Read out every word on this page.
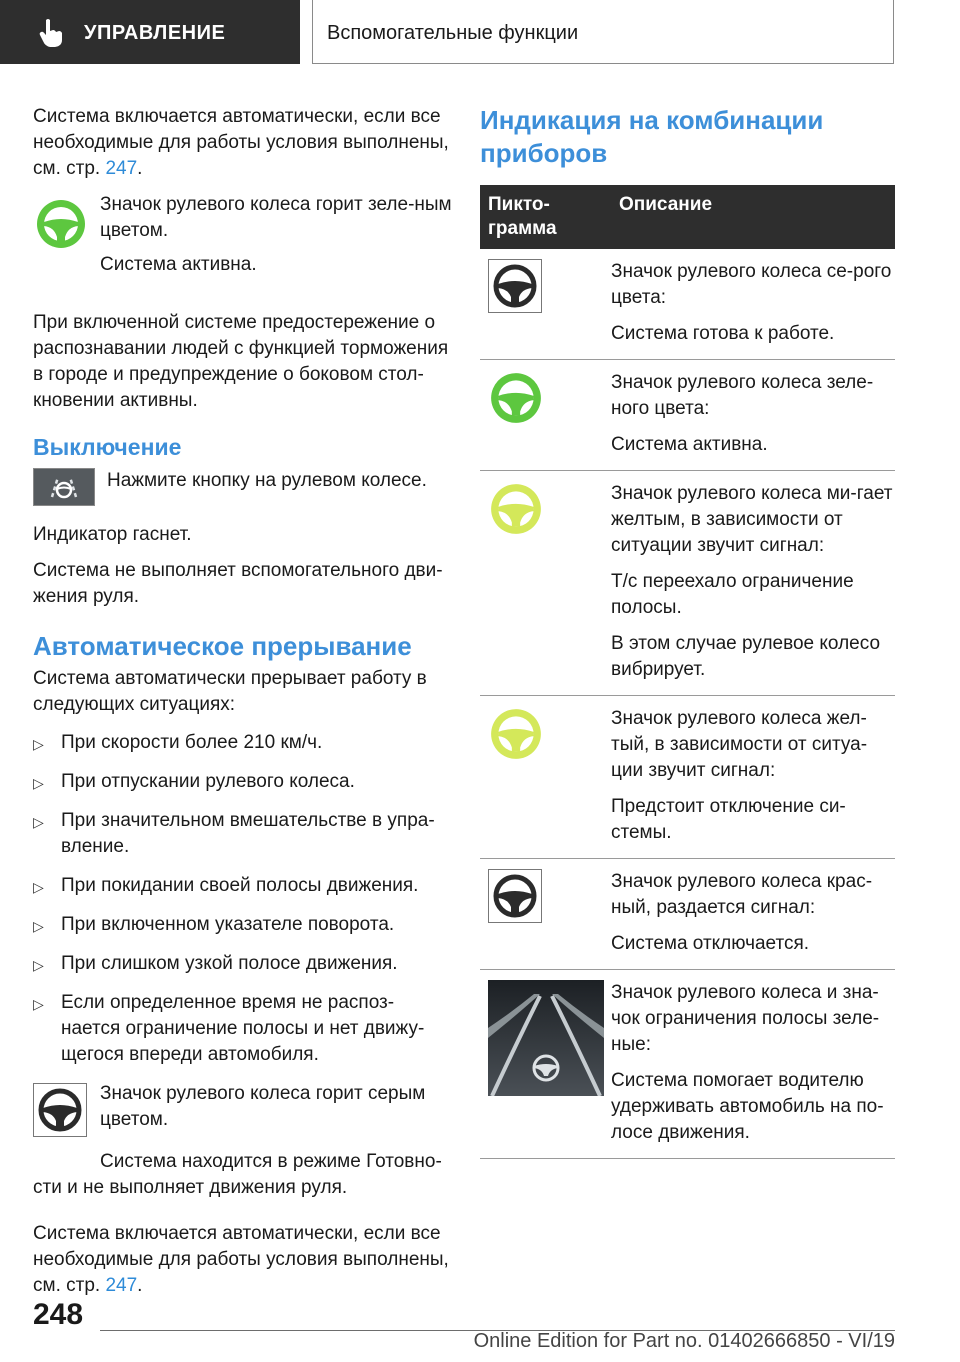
УПРАВЛЕНИЕ	Вспомогательные функции

Система включается автоматически, если все необходимые для работы условия выполнены, см. стр. 247.

Значок рулевого колеса горит зеле‐ным цветом.

Система активна.

При включенной системе предостережение о распознавании людей с функцией торможения в городе и предупреждение о боковом стол‐кновении активны.

Выключение

Нажмите кнопку на рулевом колесе.

Индикатор гаснет.

Система не выполняет вспомогательного дви‐жения руля.

Автоматическое прерывание

Система автоматически прерывает работу в следующих ситуациях:

▷ При скорости более 210 км/ч.
▷ При отпускании рулевого колеса.
▷ При значительном вмешательстве в упра‐вление.
▷ При покидании своей полосы движения.
▷ При включенном указателе поворота.
▷ При слишком узкой полосе движения.
▷ Если определенное время не распоз‐нается ограничение полосы и нет движу‐щегося впереди автомобиля.

Значок рулевого колеса горит серым цветом.

Система находится в режиме Готовно‐сти и не выполняет движения руля.

Система включается автоматически, если все необходимые для работы условия выполнены, см. стр. 247.

Индикация на комбинации приборов

Пикто‐грамма	Описание

Значок рулевого колеса се‐рого цвета:

Система готова к работе.

Значок рулевого колеса зеле‐ного цвета:

Система активна.

Значок рулевого колеса ми‐гает желтым, в зависимости от ситуации звучит сигнал:

Т/с переехало ограничение полосы.

В этом случае рулевое колесо вибрирует.

Значок рулевого колеса жел‐тый, в зависимости от ситуа‐ции звучит сигнал:

Предстоит отключение си‐стемы.

Значок рулевого колеса крас‐ный, раздается сигнал:

Система отключается.

Значок рулевого колеса и зна‐чок ограничения полосы зеле‐ные:

Система помогает водителю удерживать автомобиль на по‐лосе движения.

248
Online Edition for Part no. 01402666850 - VI/19
